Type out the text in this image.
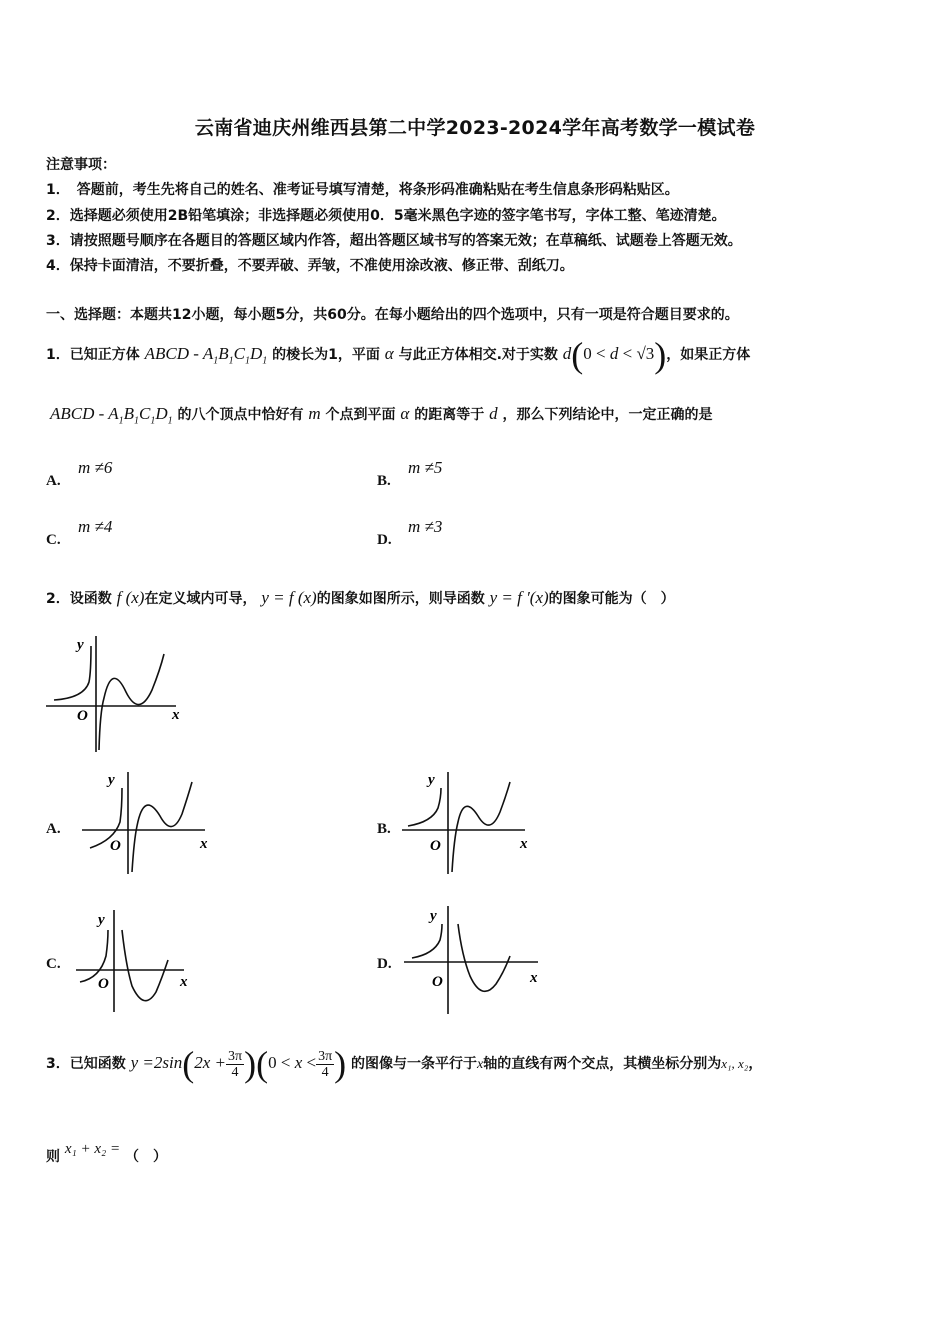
云南省迪庆州维西县第二中学2023-2024学年高考数学一模试卷
注意事项：
1．　答题前，考生先将自己的姓名、准考证号填写清楚，将条形码准确粘贴在考生信息条形码粘贴区。
2．选择题必须使用2B铅笔填涂；非选择题必须使用0．5毫米黑色字迹的签字笔书写，字体工整、笔迹清楚。
3．请按照题号顺序在各题目的答题区域内作答，超出答题区域书写的答案无效；在草稿纸、试题卷上答题无效。
4．保持卡面清洁，不要折叠，不要弄破、弄皱，不准使用涂改液、修正带、刮纸刀。
一、选择题：本题共12小题，每小题5分，共60分。在每小题给出的四个选项中，只有一项是符合题目要求的。
1．已知正方体 ABCD - $A_1B_1C_1D_1$ 的棱长为1，平面 α 与此正方体相交.对于实数 d(0 < d < √3)，如果正方体
ABCD - $A_1B_1C_1D_1$ 的八个顶点中恰好有 m 个点到平面 α 的距离等于 d ，那么下列结论中，一定正确的是
A.
m ≠6
B.
m ≠5
C.
m ≠4
D.
m ≠3
2．设函数 f (x)在定义域内可导， y = f (x)的图象如图所示，则导函数 y = f ′(x)的图象可能为（　）
y
O	x
A.
y
O	x
B.
y
O	x
C.
y
O	x
D.
y
O	x
3．已知函数 $y =2\sin(2x + \frac{3\pi}{4} )(0 < x < \frac{3\pi}{4}$ ) 的图像与一条平行于x轴的直线有两个交点，其横坐标分别为x₁, x₂，
则 x₁ + x₂ = （　）
